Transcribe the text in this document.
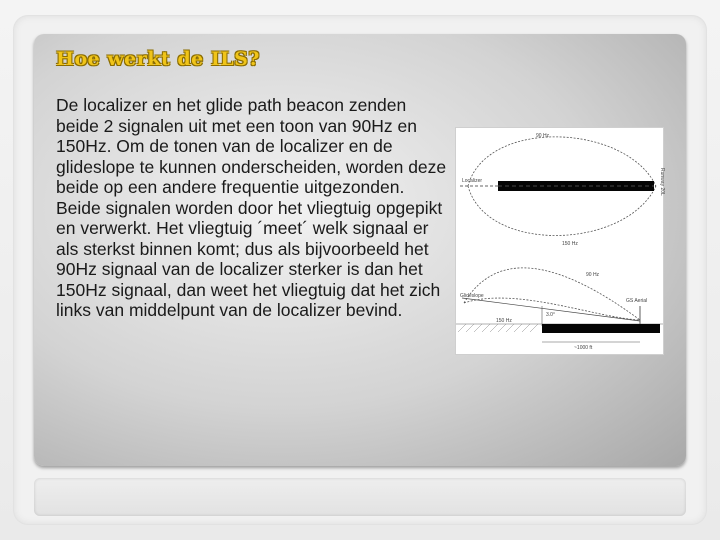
Hoe werkt de ILS?

De localizer en het glide path beacon zenden beide 2 signalen uit met een toon van 90Hz en 150Hz. Om de tonen van de localizer en de glideslope te kunnen onderscheiden, worden deze beide op een andere frequentie uitgezonden. Beide signalen worden door het vliegtuig opgepikt en verwerkt. Het vliegtuig ´meet´ welk signaal er als sterkst binnen komt; dus als bijvoorbeeld het 90Hz signaal van de localizer sterker is dan het 150Hz signaal, dan weet het vliegtuig dat het zich links van middelpunt van de localizer bevind.

90 Hz
Localizer
150 Hz
Runway 20L
90 Hz
Glideslope
GS Aerial
150 Hz
3.0°
~1000 ft
